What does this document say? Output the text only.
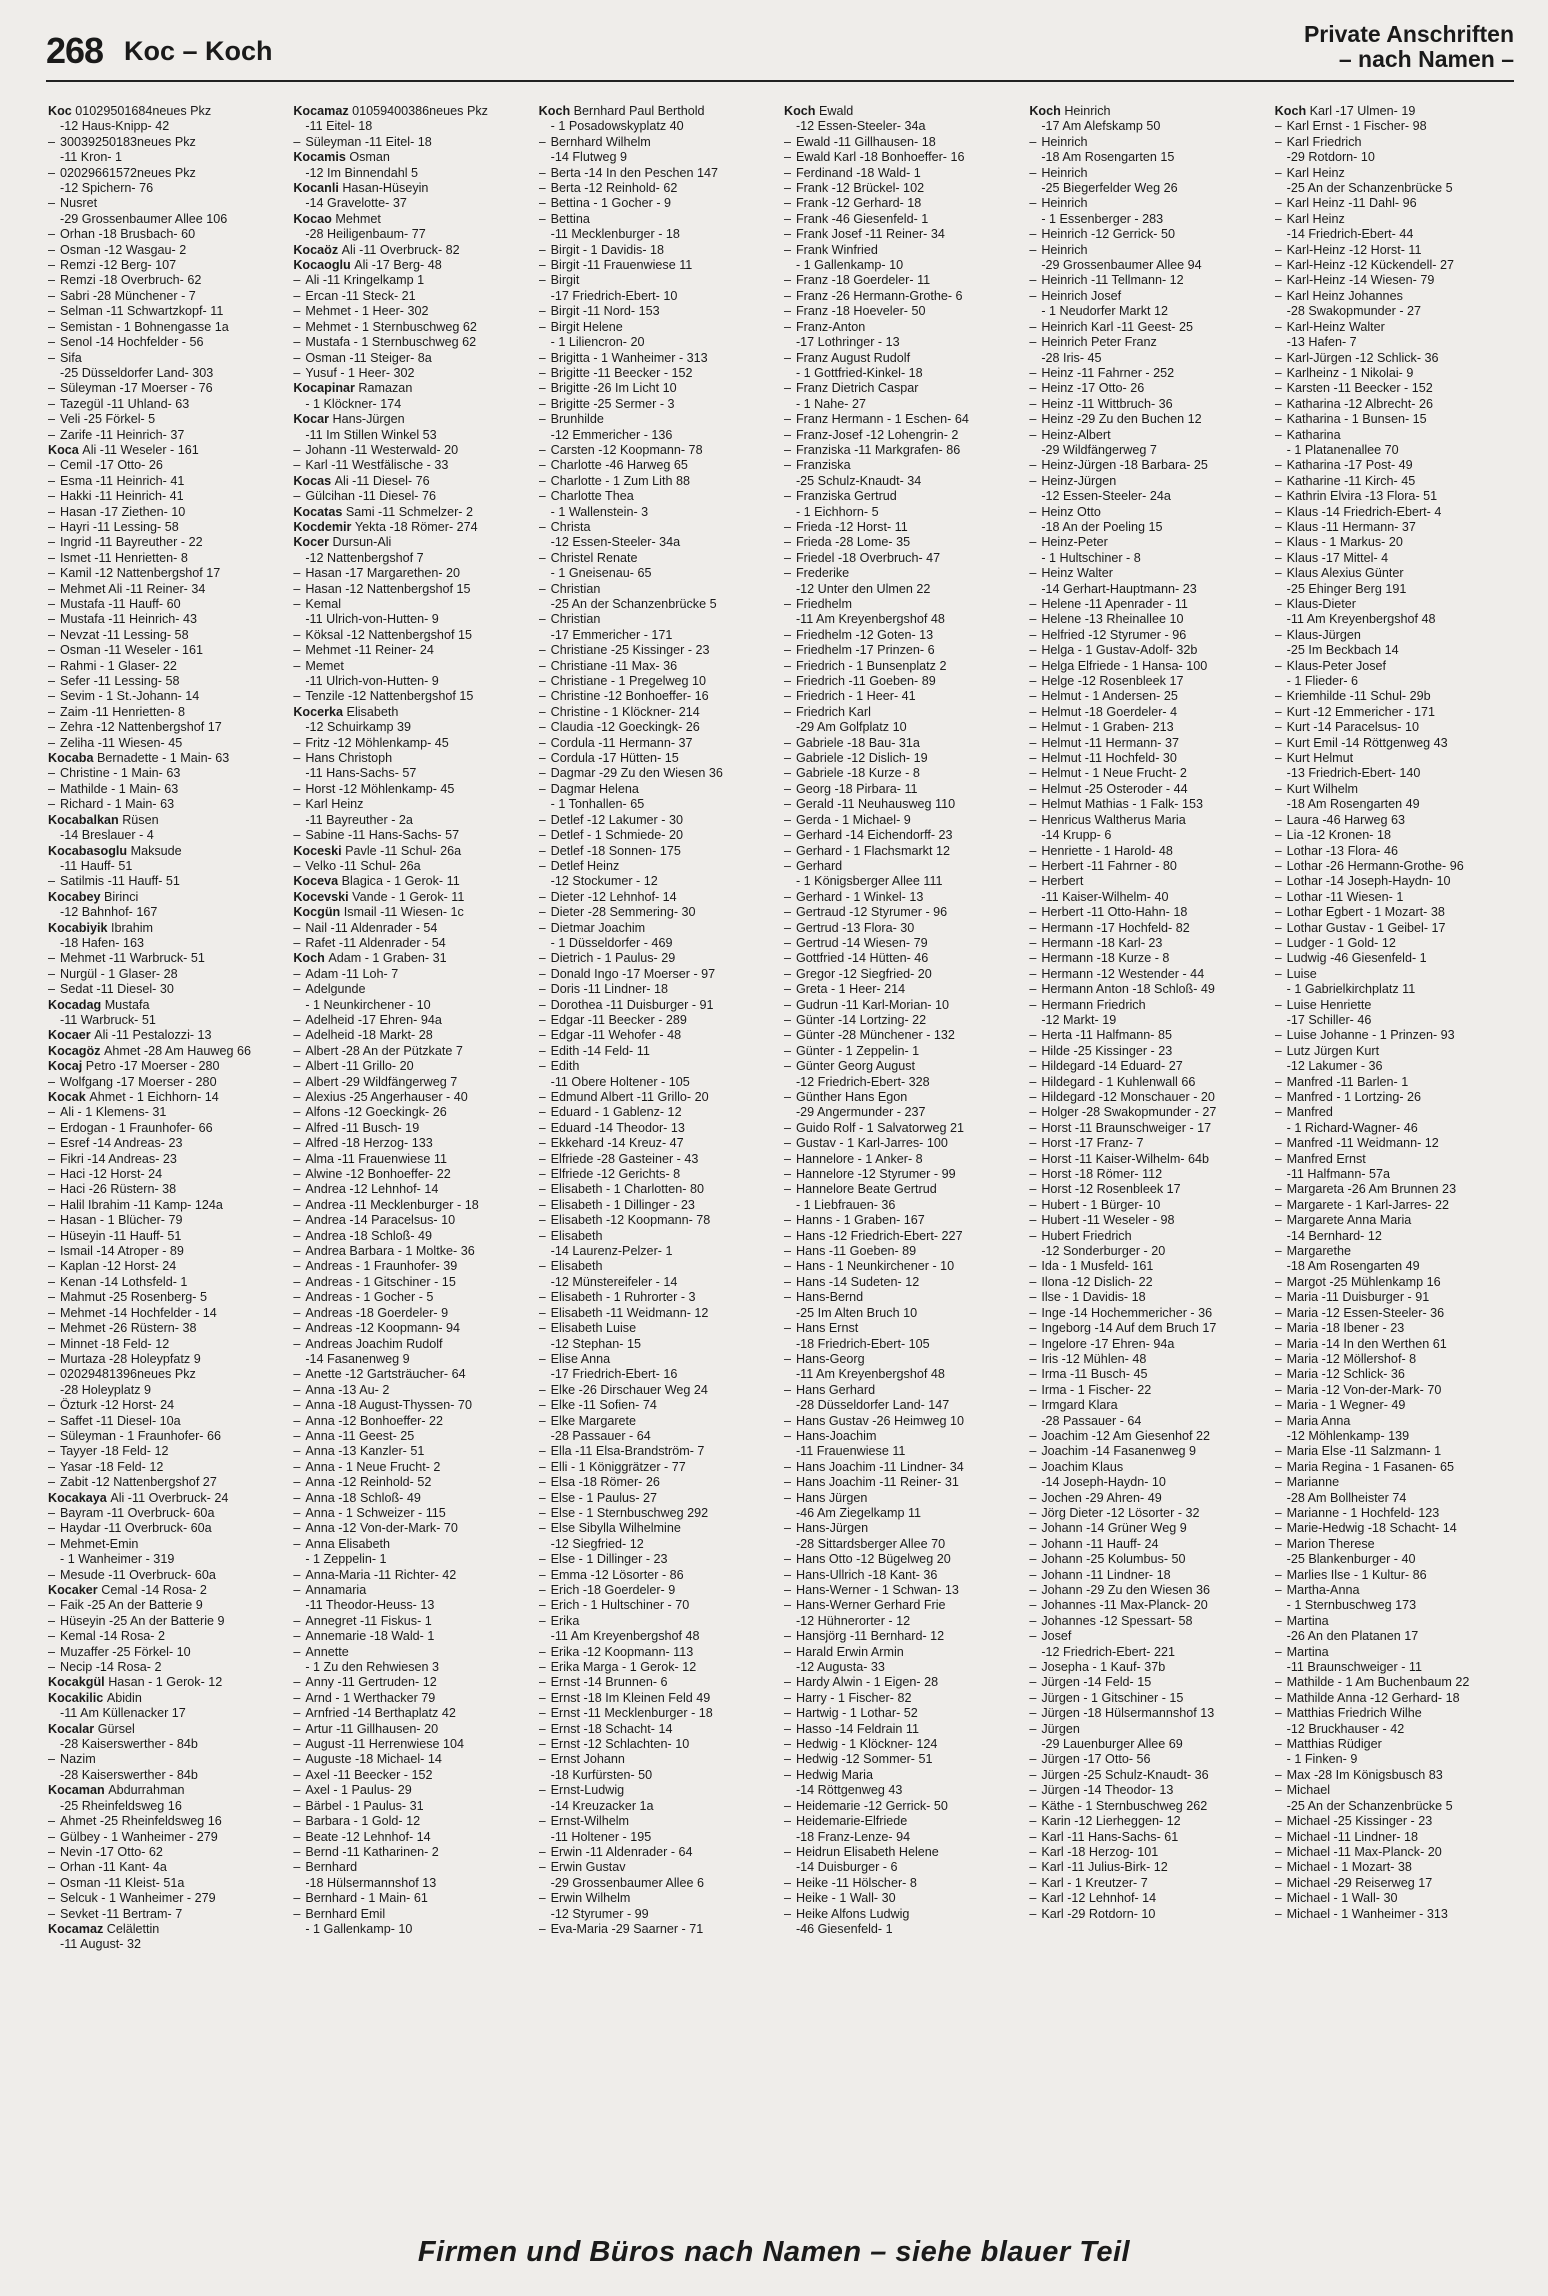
268 Koc – Koch
Private Anschriften
– nach Namen –
Koc 01029501684neues Pkz
-12 Haus-Knipp- 42
– 30039250183neues Pkz
-11 Kron- 1
– 02029661572neues Pkz
-12 Spichern- 76
– Nusret
-29 Grossenbaumer Allee 106
– Orhan -18 Brusbach- 60
– Osman -12 Wasgau- 2
– Remzi -12 Berg- 107
– Remzi -18 Overbruch- 62
– Sabri -28 Münchener - 7
– Selman -11 Schwartzkopf- 11
– Semistan - 1 Bohnengasse 1a
– Senol -14 Hochfelder - 56
– Sifa
-25 Düsseldorfer Land- 303
– Süleyman -17 Moerser - 76
– Tazegül -11 Uhland- 63
– Veli -25 Förkel- 5
– Zarife -11 Heinrich- 37
Koca Ali -11 Weseler - 161
– Cemil -17 Otto- 26
– Esma -11 Heinrich- 41
– Hakki -11 Heinrich- 41
– Hasan -17 Ziethen- 10
– Hayri -11 Lessing- 58
– Ingrid -11 Bayreuther - 22
– Ismet -11 Henrietten- 8
– Kamil -12 Nattenbergshof 17
– Mehmet Ali -11 Reiner- 34
– Mustafa -11 Hauff- 60
– Mustafa -11 Heinrich- 43
– Nevzat -11 Lessing- 58
– Osman -11 Weseler - 161
– Rahmi - 1 Glaser- 22
– Sefer -11 Lessing- 58
– Sevim - 1 St.-Johann- 14
– Zaim -11 Henrietten- 8
– Zehra -12 Nattenbergshof 17
– Zeliha -11 Wiesen- 45
Kocaba Bernadette - 1 Main- 63
– Christine - 1 Main- 63
– Mathilde - 1 Main- 63
– Richard - 1 Main- 63
Kocabalkan Rüsen
-14 Breslauer - 4
Kocabasoglu Maksude
-11 Hauff- 51
– Satilmis -11 Hauff- 51
Kocabey Birinci
-12 Bahnhof- 167
Kocabiyik Ibrahim
-18 Hafen- 163
– Mehmet -11 Warbruck- 51
– Nurgül - 1 Glaser- 28
– Sedat -11 Diesel- 30
Kocadag Mustafa
-11 Warbruck- 51
Kocaer Ali -11 Pestalozzi- 13
Kocagöz Ahmet -28 Am Hauweg 66
Kocaj Petro -17 Moerser - 280
– Wolfgang -17 Moerser - 280
Kocak Ahmet - 1 Eichhorn- 14
– Ali - 1 Klemens- 31
– Erdogan - 1 Fraunhofer- 66
– Esref -14 Andreas- 23
– Fikri -14 Andreas- 23
– Haci -12 Horst- 24
– Haci -26 Rüstern- 38
– Halil Ibrahim -11 Kamp- 124a
– Hasan - 1 Blücher- 79
– Hüseyin -11 Hauff- 51
– Ismail -14 Atroper - 89
– Kaplan -12 Horst- 24
– Kenan -14 Lothsfeld- 1
– Mahmut -25 Rosenberg- 5
– Mehmet -14 Hochfelder - 14
– Mehmet -26 Rüstern- 38
– Minnet -18 Feld- 12
– Murtaza -28 Holeypfatz 9
– 02029481396neues Pkz
-28 Holeyplatz 9
– Özturk -12 Horst- 24
– Saffet -11 Diesel- 10a
– Süleyman - 1 Fraunhofer- 66
– Tayyer -18 Feld- 12
– Yasar -18 Feld- 12
– Zabit -12 Nattenbergshof 27
Kocakaya Ali -11 Overbruck- 24
– Bayram -11 Overbruck- 60a
– Haydar -11 Overbruck- 60a
– Mehmet-Emin
- 1 Wanheimer - 319
– Mesude -11 Overbruck- 60a
Kocaker Cemal -14 Rosa- 2
– Faik -25 An der Batterie 9
– Hüseyin -25 An der Batterie 9
– Kemal -14 Rosa- 2
– Muzaffer -25 Förkel- 10
– Necip -14 Rosa- 2
Kocakgül Hasan - 1 Gerok- 12
Kocakilic Abidin
-11 Am Küllenacker 17
Kocalar Gürsel
-28 Kaiserswerther - 84b
– Nazim
-28 Kaiserswerther - 84b
Kocaman Abdurrahman
-25 Rheinfeldsweg 16
– Ahmet -25 Rheinfeldsweg 16
– Gülbey - 1 Wanheimer - 279
– Nevin -17 Otto- 62
– Orhan -11 Kant- 4a
– Osman -11 Kleist- 51a
– Selcuk - 1 Wanheimer - 279
– Sevket -11 Bertram- 7
Kocamaz Celälettin
-11 August- 32
Kocamaz 01059400386neues Pkz
-11 Eitel- 18
– Süleyman -11 Eitel- 18
Kocamis Osman
-12 Im Binnendahl 5
Kocanli Hasan-Hüseyin
-14 Gravelotte- 37
Kocao Mehmet
-28 Heiligenbaum- 77
Kocaöz Ali -11 Overbruck- 82
Kocaoglu Ali -17 Berg- 48
– Ali -11 Kringelkamp 1
– Ercan -11 Steck- 21
– Mehmet - 1 Heer- 302
– Mehmet - 1 Sternbuschweg 62
– Mustafa - 1 Sternbuschweg 62
– Osman -11 Steiger- 8a
– Yusuf - 1 Heer- 302
Kocapinar Ramazan
- 1 Klöckner- 174
Kocar Hans-Jürgen
-11 Im Stillen Winkel 53
– Johann -11 Westerwald- 20
– Karl -11 Westfälische - 33
Kocas Ali -11 Diesel- 76
– Gülcihan -11 Diesel- 76
Kocatas Sami -11 Schmelzer- 2
Kocdemir Yekta -18 Römer- 274
Kocer Dursun-Ali
-12 Nattenbergshof 7
– Hasan -17 Margarethen- 20
– Hasan -12 Nattenbergshof 15
– Kemal
-11 Ulrich-von-Hutten- 9
– Köksal -12 Nattenbergshof 15
– Mehmet -11 Reiner- 24
– Memet
-11 Ulrich-von-Hutten- 9
– Tenzile -12 Nattenbergshof 15
Kocerka Elisabeth
-12 Schuirkamp 39
– Fritz -12 Möhlenkamp- 45
– Hans Christoph
-11 Hans-Sachs- 57
– Horst -12 Möhlenkamp- 45
– Karl Heinz
-11 Bayreuther - 2a
– Sabine -11 Hans-Sachs- 57
Koceski Pavle -11 Schul- 26a
– Velko -11 Schul- 26a
Koceva Blagica - 1 Gerok- 11
Kocevski Vande - 1 Gerok- 11
Kocgün Ismail -11 Wiesen- 1c
– Nail -11 Aldenrader - 54
– Rafet -11 Aldenrader - 54
Koch Adam - 1 Graben- 31
– Adam -11 Loh- 7
– Adelgunde
- 1 Neunkirchener - 10
– Adelheid -17 Ehren- 94a
– Adelheid -18 Markt- 28
– Albert -28 An der Pützkate 7
– Albert -11 Grillo- 20
– Albert -29 Wildfängerweg 7
– Alexius -25 Angerhauser - 40
– Alfons -12 Goeckingk- 26
– Alfred -11 Busch- 19
– Alfred -18 Herzog- 133
– Alma -11 Frauenwiese 11
– Alwine -12 Bonhoeffer- 22
– Andrea -12 Lehnhof- 14
– Andrea -11 Mecklenburger - 18
– Andrea -14 Paracelsus- 10
– Andrea -18 Schloß- 49
– Andrea Barbara - 1 Moltke- 36
– Andreas - 1 Fraunhofer- 39
– Andreas - 1 Gitschiner - 15
– Andreas - 1 Gocher - 5
– Andreas -18 Goerdeler- 9
– Andreas -12 Koopmann- 94
– Andreas Joachim Rudolf
-14 Fasanenweg 9
– Anette -12 Gartsträucher- 64
– Anna -13 Au- 2
– Anna -18 August-Thyssen- 70
– Anna -12 Bonhoeffer- 22
– Anna -11 Geest- 25
– Anna -13 Kanzler- 51
– Anna - 1 Neue Frucht- 2
– Anna -12 Reinhold- 52
– Anna -18 Schloß- 49
– Anna - 1 Schweizer - 115
– Anna -12 Von-der-Mark- 70
– Anna Elisabeth
- 1 Zeppelin- 1
– Anna-Maria -11 Richter- 42
– Annamaria
-11 Theodor-Heuss- 13
– Annegret -11 Fiskus- 1
– Annemarie -18 Wald- 1
– Annette
- 1 Zu den Rehwiesen 3
– Anny -11 Gertruden- 12
– Arnd - 1 Werthacker 79
– Arnfried -14 Berthaplatz 42
– Artur -11 Gillhausen- 20
– August -11 Herrenwiese 104
– Auguste -18 Michael- 14
– Axel -11 Beecker - 152
– Axel - 1 Paulus- 29
– Bärbel - 1 Paulus- 31
– Barbara - 1 Gold- 12
– Beate -12 Lehnhof- 14
– Bernd -11 Katharinen- 2
– Bernhard
-18 Hülsermannshof 13
– Bernhard - 1 Main- 61
– Bernhard Emil
- 1 Gallenkamp- 10
Koch Bernhard Paul Berthold
- 1 Posadowskyplatz 40
– Bernhard Wilhelm
-14 Flutweg 9
– Berta -14 In den Peschen 147
– Berta -12 Reinhold- 62
– Bettina - 1 Gocher - 9
– Bettina
-11 Mecklenburger - 18
– Birgit - 1 Davidis- 18
– Birgit -11 Frauenwiese 11
– Birgit
-17 Friedrich-Ebert- 10
– Birgit -11 Nord- 153
– Birgit Helene
- 1 Liliencron- 20
– Brigitta - 1 Wanheimer - 313
– Brigitte -11 Beecker - 152
– Brigitte -26 Im Licht 10
– Brigitte -25 Sermer - 3
– Brunhilde
-12 Emmericher - 136
– Carsten -12 Koopmann- 78
– Charlotte -46 Harweg 65
– Charlotte - 1 Zum Lith 88
– Charlotte Thea
- 1 Wallenstein- 3
– Christa
-12 Essen-Steeler- 34a
– Christel Renate
- 1 Gneisenau- 65
– Christian
-25 An der Schanzenbrücke 5
– Christian
-17 Emmericher - 171
– Christiane -25 Kissinger - 23
– Christiane -11 Max- 36
– Christiane - 1 Pregelweg 10
– Christine -12 Bonhoeffer- 16
– Christine - 1 Klöckner- 214
– Claudia -12 Goeckingk- 26
– Cordula -11 Hermann- 37
– Cordula -17 Hütten- 15
– Dagmar -29 Zu den Wiesen 36
– Dagmar Helena
- 1 Tonhallen- 65
– Detlef -12 Lakumer - 30
– Detlef - 1 Schmiede- 20
– Detlef -18 Sonnen- 175
– Detlef Heinz
-12 Stockumer - 12
– Dieter -12 Lehnhof- 14
– Dieter -28 Semmering- 30
– Dietmar Joachim
- 1 Düsseldorfer - 469
– Dietrich - 1 Paulus- 29
– Donald Ingo -17 Moerser - 97
– Doris -11 Lindner- 18
– Dorothea -11 Duisburger - 91
– Edgar -11 Beecker - 289
– Edgar -11 Wehofer - 48
– Edith -14 Feld- 11
– Edith
-11 Obere Holtener - 105
– Edmund Albert -11 Grillo- 20
– Eduard - 1 Gablenz- 12
– Eduard -14 Theodor- 13
– Ekkehard -14 Kreuz- 47
– Elfriede -28 Gasteiner - 43
– Elfriede -12 Gerichts- 8
– Elisabeth - 1 Charlotten- 80
– Elisabeth - 1 Dillinger - 23
– Elisabeth -12 Koopmann- 78
– Elisabeth
-14 Laurenz-Pelzer- 1
– Elisabeth
-12 Münstereifeler - 14
– Elisabeth - 1 Ruhrorter - 3
– Elisabeth -11 Weidmann- 12
– Elisabeth Luise
-12 Stephan- 15
– Elise Anna
-17 Friedrich-Ebert- 16
– Elke -26 Dirschauer Weg 24
– Elke -11 Sofien- 74
– Elke Margarete
-28 Passauer - 64
– Ella -11 Elsa-Brandström- 7
– Elli - 1 Königgrätzer - 77
– Elsa -18 Römer- 26
– Else - 1 Paulus- 27
– Else - 1 Sternbuschweg 292
– Else Sibylla Wilhelmine
-12 Siegfried- 12
– Else - 1 Dillinger - 23
– Emma -12 Lösorter - 86
– Erich -18 Goerdeler- 9
– Erich - 1 Hultschiner - 70
– Erika
-11 Am Kreyenbergshof 48
– Erika -12 Koopmann- 113
– Erika Marga - 1 Gerok- 12
– Ernst -14 Brunnen- 6
– Ernst -18 Im Kleinen Feld 49
– Ernst -11 Mecklenburger - 18
– Ernst -18 Schacht- 14
– Ernst -12 Schlachten- 10
– Ernst Johann
-18 Kurfürsten- 50
– Ernst-Ludwig
-14 Kreuzacker 1a
– Ernst-Wilhelm
-11 Holtener - 195
– Erwin -11 Aldenrader - 64
– Erwin Gustav
-29 Grossenbaumer Allee 6
– Erwin Wilhelm
-12 Styrumer - 99
– Eva-Maria -29 Saarner - 71
Koch Ewald
-12 Essen-Steeler- 34a
– Ewald -11 Gillhausen- 18
– Ewald Karl -18 Bonhoeffer- 16
– Ferdinand -18 Wald- 1
– Frank -12 Brückel- 102
– Frank -12 Gerhard- 18
– Frank -46 Giesenfeld- 1
– Frank Josef -11 Reiner- 34
– Frank Winfried
- 1 Gallenkamp- 10
– Franz -18 Goerdeler- 11
– Franz -26 Hermann-Grothe- 6
– Franz -18 Hoeveler- 50
– Franz-Anton
-17 Lothringer - 13
– Franz August Rudolf
- 1 Gottfried-Kinkel- 18
– Franz Dietrich Caspar
- 1 Nahe- 27
– Franz Hermann - 1 Eschen- 64
– Franz-Josef -12 Lohengrin- 2
– Franziska -11 Markgrafen- 86
– Franziska
-25 Schulz-Knaudt- 34
– Franziska Gertrud
- 1 Eichhorn- 5
– Frieda -12 Horst- 11
– Frieda -28 Lome- 35
– Friedel -18 Overbruch- 47
– Frederike
-12 Unter den Ulmen 22
– Friedhelm
-11 Am Kreyenbergshof 48
– Friedhelm -12 Goten- 13
– Friedhelm -17 Prinzen- 6
– Friedrich - 1 Bunsenplatz 2
– Friedrich -11 Goeben- 89
– Friedrich - 1 Heer- 41
– Friedrich Karl
-29 Am Golfplatz 10
– Gabriele -18 Bau- 31a
– Gabriele -12 Dislich- 19
– Gabriele -18 Kurze - 8
– Georg -18 Pirbara- 11
– Gerald -11 Neuhausweg 110
– Gerda - 1 Michael- 9
– Gerhard -14 Eichendorff- 23
– Gerhard - 1 Flachsmarkt 12
– Gerhard
- 1 Königsberger Allee 111
– Gerhard - 1 Winkel- 13
– Gertraud -12 Styrumer - 96
– Gertrud -13 Flora- 30
– Gertrud -14 Wiesen- 79
– Gottfried -14 Hütten- 46
– Gregor -12 Siegfried- 20
– Greta - 1 Heer- 214
– Gudrun -11 Karl-Morian- 10
– Günter -14 Lortzing- 22
– Günter -28 Münchener - 132
– Günter - 1 Zeppelin- 1
– Günter Georg August
-12 Friedrich-Ebert- 328
– Günther Hans Egon
-29 Angermunder - 237
– Guido Rolf - 1 Salvatorweg 21
– Gustav - 1 Karl-Jarres- 100
– Hannelore - 1 Anker- 8
– Hannelore -12 Styrumer - 99
– Hannelore Beate Gertrud
- 1 Liebfrauen- 36
– Hanns - 1 Graben- 167
– Hans -12 Friedrich-Ebert- 227
– Hans -11 Goeben- 89
– Hans - 1 Neunkirchener - 10
– Hans -14 Sudeten- 12
– Hans-Bernd
-25 Im Alten Bruch 10
– Hans Ernst
-18 Friedrich-Ebert- 105
– Hans-Georg
-11 Am Kreyenbergshof 48
– Hans Gerhard
-28 Düsseldorfer Land- 147
– Hans Gustav -26 Heimweg 10
– Hans-Joachim
-11 Frauenwiese 11
– Hans Joachim -11 Lindner- 34
– Hans Joachim -11 Reiner- 31
– Hans Jürgen
-46 Am Ziegelkamp 11
– Hans-Jürgen
-28 Sittardsberger Allee 70
– Hans Otto -12 Bügelweg 20
– Hans-Ullrich -18 Kant- 36
– Hans-Werner - 1 Schwan- 13
– Hans-Werner Gerhard Frie
-12 Hühnerorter - 12
– Hansjörg -11 Bernhard- 12
– Harald Erwin Armin
-12 Augusta- 33
– Hardy Alwin - 1 Eigen- 28
– Harry - 1 Fischer- 82
– Hartwig - 1 Lothar- 52
– Hasso -14 Feldrain 11
– Hedwig - 1 Klöckner- 124
– Hedwig -12 Sommer- 51
– Hedwig Maria
-14 Röttgenweg 43
– Heidemarie -12 Gerrick- 50
– Heidemarie-Elfriede
-18 Franz-Lenze- 94
– Heidrun Elisabeth Helene
-14 Duisburger - 6
– Heike -11 Hölscher- 8
– Heike - 1 Wall- 30
– Heike Alfons Ludwig
-46 Giesenfeld- 1
Koch Heinrich
-17 Am Alefskamp 50
– Heinrich
-18 Am Rosengarten 15
– Heinrich
-25 Biegerfelder Weg 26
– Heinrich
- 1 Essenberger - 283
– Heinrich -12 Gerrick- 50
– Heinrich
-29 Grossenbaumer Allee 94
– Heinrich -11 Tellmann- 12
– Heinrich Josef
- 1 Neudorfer Markt 12
– Heinrich Karl -11 Geest- 25
– Heinrich Peter Franz
-28 Iris- 45
– Heinz -11 Fahrner - 252
– Heinz -17 Otto- 26
– Heinz -11 Wittbruch- 36
– Heinz -29 Zu den Buchen 12
– Heinz-Albert
-29 Wildfängerweg 7
– Heinz-Jürgen -18 Barbara- 25
– Heinz-Jürgen
-12 Essen-Steeler- 24a
– Heinz Otto
-18 An der Poeling 15
– Heinz-Peter
- 1 Hultschiner - 8
– Heinz Walter
-14 Gerhart-Hauptmann- 23
– Helene -11 Apenrader - 11
– Helene -13 Rheinallee 10
– Helfried -12 Styrumer - 96
– Helga - 1 Gustav-Adolf- 32b
– Helga Elfriede - 1 Hansa- 100
– Helge -12 Rosenbleek 17
– Helmut - 1 Andersen- 25
– Helmut -18 Goerdeler- 4
– Helmut - 1 Graben- 213
– Helmut -11 Hermann- 37
– Helmut -11 Hochfeld- 30
– Helmut - 1 Neue Frucht- 2
– Helmut -25 Osteroder - 44
– Helmut Mathias - 1 Falk- 153
– Henricus Waltherus Maria
-14 Krupp- 6
– Henriette - 1 Harold- 48
– Herbert -11 Fahrner - 80
– Herbert
-11 Kaiser-Wilhelm- 40
– Herbert -11 Otto-Hahn- 18
– Hermann -17 Hochfeld- 82
– Hermann -18 Karl- 23
– Hermann -18 Kurze - 8
– Hermann -12 Westender - 44
– Hermann Anton -18 Schloß- 49
– Hermann Friedrich
-12 Markt- 19
– Herta -11 Halfmann- 85
– Hilde -25 Kissinger - 23
– Hildegard -14 Eduard- 27
– Hildegard - 1 Kuhlenwall 66
– Hildegard -12 Monschauer - 20
– Holger -28 Swakopmunder - 27
– Horst -11 Braunschweiger - 17
– Horst -17 Franz- 7
– Horst -11 Kaiser-Wilhelm- 64b
– Horst -18 Römer- 112
– Horst -12 Rosenbleek 17
– Hubert - 1 Bürger- 10
– Hubert -11 Weseler - 98
– Hubert Friedrich
-12 Sonderburger - 20
– Ida - 1 Musfeld- 161
– Ilona -12 Dislich- 22
– Ilse - 1 Davidis- 18
– Inge -14 Hochemmericher - 36
– Ingeborg -14 Auf dem Bruch 17
– Ingelore -17 Ehren- 94a
– Iris -12 Mühlen- 48
– Irma -11 Busch- 45
– Irma - 1 Fischer- 22
– Irmgard Klara
-28 Passauer - 64
– Joachim -12 Am Giesenhof 22
– Joachim -14 Fasanenweg 9
– Joachim Klaus
-14 Joseph-Haydn- 10
– Jochen -29 Ahren- 49
– Jörg Dieter -12 Lösorter - 32
– Johann -14 Grüner Weg 9
– Johann -11 Hauff- 24
– Johann -25 Kolumbus- 50
– Johann -11 Lindner- 18
– Johann -29 Zu den Wiesen 36
– Johannes -11 Max-Planck- 20
– Johannes -12 Spessart- 58
– Josef
-12 Friedrich-Ebert- 221
– Josepha - 1 Kauf- 37b
– Jürgen -14 Feld- 15
– Jürgen - 1 Gitschiner - 15
– Jürgen -18 Hülsermannshof 13
– Jürgen
-29 Lauenburger Allee 69
– Jürgen -17 Otto- 56
– Jürgen -25 Schulz-Knaudt- 36
– Jürgen -14 Theodor- 13
– Käthe - 1 Sternbuschweg 262
– Karin -12 Lierheggen- 12
– Karl -11 Hans-Sachs- 61
– Karl -18 Herzog- 101
– Karl -11 Julius-Birk- 12
– Karl - 1 Kreutzer- 7
– Karl -12 Lehnhof- 14
– Karl -29 Rotdorn- 10
Koch Karl -17 Ulmen- 19
– Karl Ernst - 1 Fischer- 98
– Karl Friedrich
-29 Rotdorn- 10
– Karl Heinz
-25 An der Schanzenbrücke 5
– Karl Heinz -11 Dahl- 96
– Karl Heinz
-14 Friedrich-Ebert- 44
– Karl-Heinz -12 Horst- 11
– Karl-Heinz -12 Kückendell- 27
– Karl-Heinz -14 Wiesen- 79
– Karl Heinz Johannes
-28 Swakopmunder - 27
– Karl-Heinz Walter
-13 Hafen- 7
– Karl-Jürgen -12 Schlick- 36
– Karlheinz - 1 Nikolai- 9
– Karsten -11 Beecker - 152
– Katharina -12 Albrecht- 26
– Katharina - 1 Bunsen- 15
– Katharina
- 1 Platanenallee 70
– Katharina -17 Post- 49
– Katharine -11 Kirch- 45
– Kathrin Elvira -13 Flora- 51
– Klaus -14 Friedrich-Ebert- 4
– Klaus -11 Hermann- 37
– Klaus - 1 Markus- 20
– Klaus -17 Mittel- 4
– Klaus Alexius Günter
-25 Ehinger Berg 191
– Klaus-Dieter
-11 Am Kreyenbergshof 48
– Klaus-Jürgen
-25 Im Beckbach 14
– Klaus-Peter Josef
- 1 Flieder- 6
– Kriemhilde -11 Schul- 29b
– Kurt -12 Emmericher - 171
– Kurt -14 Paracelsus- 10
– Kurt Emil -14 Röttgenweg 43
– Kurt Helmut
-13 Friedrich-Ebert- 140
– Kurt Wilhelm
-18 Am Rosengarten 49
– Laura -46 Harweg 63
– Lia -12 Kronen- 18
– Lothar -13 Flora- 46
– Lothar -26 Hermann-Grothe- 96
– Lothar -14 Joseph-Haydn- 10
– Lothar -11 Wiesen- 1
– Lothar Egbert - 1 Mozart- 38
– Lothar Gustav - 1 Geibel- 17
– Ludger - 1 Gold- 12
– Ludwig -46 Giesenfeld- 1
– Luise
- 1 Gabrielkirchplatz 11
– Luise Henriette
-17 Schiller- 46
– Luise Johanne - 1 Prinzen- 93
– Lutz Jürgen Kurt
-12 Lakumer - 36
– Manfred -11 Barlen- 1
– Manfred - 1 Lortzing- 26
– Manfred
- 1 Richard-Wagner- 46
– Manfred -11 Weidmann- 12
– Manfred Ernst
-11 Halfmann- 57a
– Margareta -26 Am Brunnen 23
– Margarete - 1 Karl-Jarres- 22
– Margarete Anna Maria
-14 Bernhard- 12
– Margarethe
-18 Am Rosengarten 49
– Margot -25 Mühlenkamp 16
– Maria -11 Duisburger - 91
– Maria -12 Essen-Steeler- 36
– Maria -18 Ibener - 23
– Maria -14 In den Werthen 61
– Maria -12 Möllershof- 8
– Maria -12 Schlick- 36
– Maria -12 Von-der-Mark- 70
– Maria - 1 Wegner- 49
– Maria Anna
-12 Möhlenkamp- 139
– Maria Else -11 Salzmann- 1
– Maria Regina - 1 Fasanen- 65
– Marianne
-28 Am Bollheister 74
– Marianne - 1 Hochfeld- 123
– Marie-Hedwig -18 Schacht- 14
– Marion Therese
-25 Blankenburger - 40
– Marlies Ilse - 1 Kultur- 86
– Martha-Anna
- 1 Sternbuschweg 173
– Martina
-26 An den Platanen 17
– Martina
-11 Braunschweiger - 11
– Mathilde - 1 Am Buchenbaum 22
– Mathilde Anna -12 Gerhard- 18
– Matthias Friedrich Wilhe
-12 Bruckhauser - 42
– Matthias Rüdiger
- 1 Finken- 9
– Max -28 Im Königsbusch 83
– Michael
-25 An der Schanzenbrücke 5
– Michael -25 Kissinger - 23
– Michael -11 Lindner- 18
– Michael -11 Max-Planck- 20
– Michael - 1 Mozart- 38
– Michael -29 Reiserweg 17
– Michael - 1 Wall- 30
– Michael - 1 Wanheimer - 313
Firmen und Büros nach Namen – siehe blauer Teil
